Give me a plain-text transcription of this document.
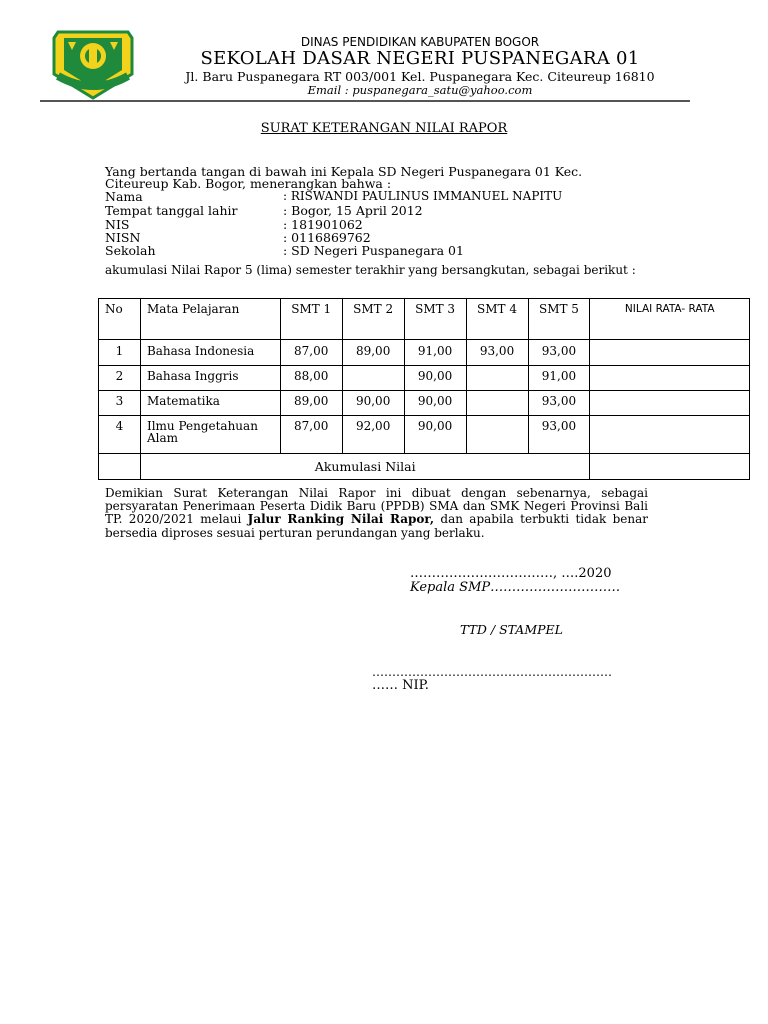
TEGAR BERIMAN
DINAS PENDIDIKAN KABUPATEN BOGOR
SEKOLAH DASAR NEGERI PUSPANEGARA 01
Jl. Baru Puspanegara RT 003/001 Kel. Puspanegara Kec. Citeureup 16810
Email : puspanegara_satu@yahoo.com
SURAT KETERANGAN NILAI RAPOR
Yang bertanda tangan di bawah ini Kepala SD Negeri Puspanegara 01 Kec.
Citeureup Kab. Bogor, menerangkan bahwa :
Nama	: RISWANDI PAULINUS IMMANUEL NAPITU
Tempat tanggal lahir	: Bogor, 15 April 2012
NIS	: 181901062
NISN	: 0116869762
Sekolah	: SD Negeri Puspanegara 01
akumulasi Nilai Rapor 5 (lima) semester terakhir yang bersangkutan, sebagai berikut :
No	Mata Pelajaran	SMT 1	SMT 2	SMT 3	SMT 4	SMT 5	NILAI RATA- RATA
1	Bahasa Indonesia	87,00	89,00	91,00	93,00	93,00	
2	Bahasa Inggris	88,00		90,00		91,00	
3	Matematika	89,00	90,00	90,00		93,00	
4	Ilmu Pengetahuan
Alam	87,00	92,00	90,00		93,00	
	Akumulasi Nilai						
Demikian Surat Keterangan Nilai Rapor ini dibuat dengan sebenarnya, sebagai persyaratan Penerimaan Peserta Didik Baru (PPDB) SMA dan SMK Negeri Provinsi Bali TP. 2020/2021 melaui Jalur Ranking Nilai Rapor, dan apabila terbukti tidak benar bersedia diproses sesuai perturan perundangan yang berlaku.
……………………………, ….2020
Kepala SMP…………………………
TTD / STAMPEL
……………………………………………………
…… NIP.
